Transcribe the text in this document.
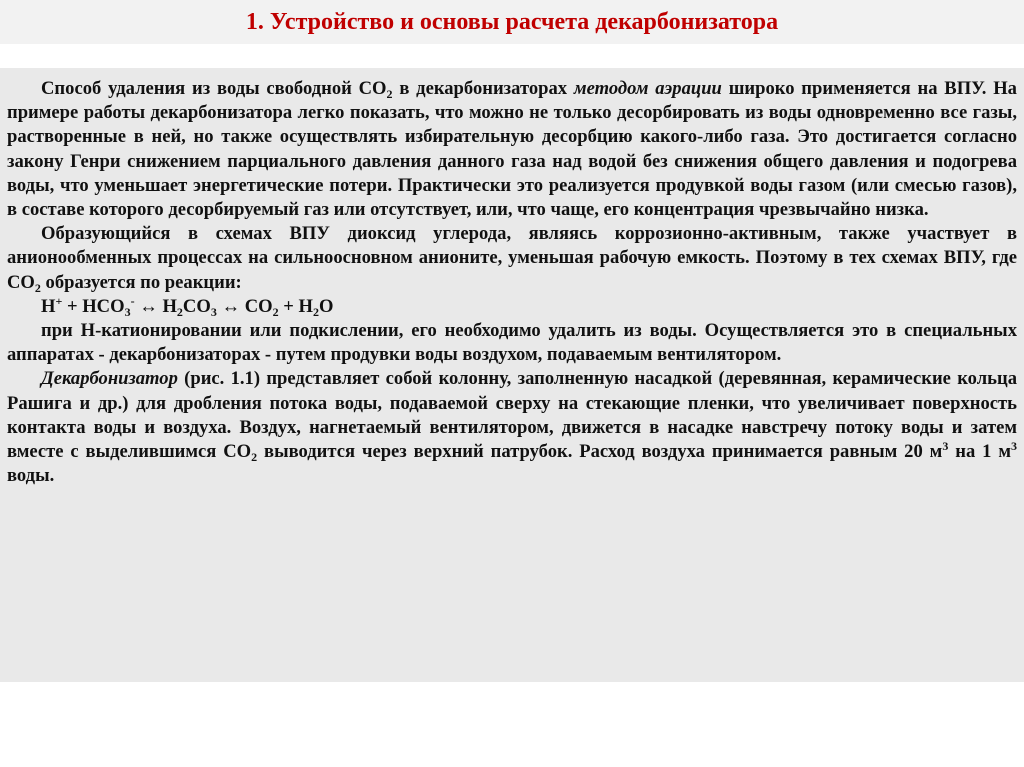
1. Устройство и основы расчета декарбонизатора

Способ удаления из воды свободной $СО_2$ в декарбонизаторах методом аэрации широко применяется на ВПУ. На примере работы декарбонизатора легко показать, что можно не только десорбировать из воды одновременно все газы, растворенные в ней, но также осуществлять избирательную десорбцию какого-либо газа. Это достигается согласно закону Генри снижением парциального давления данного газа над водой без снижения общего давления и подогрева воды, что уменьшает энергетические потери. Практически это реализуется продувкой воды газом (или смесью газов), в составе которого десорбируемый газ или отсутствует, или, что чаще, его концентрация чрезвычайно низка.

Образующийся в схемах ВПУ диоксид углерода, являясь коррозионно-активным, также участвует в анионообменных процессах на сильноосновном анионите, уменьшая рабочую емкость. Поэтому в тех схемах ВПУ, где $СО_2$ образуется по реакции:

$Н^+ + НСО_3^-$ ↔ $Н_2СО_3$ ↔ $СО_2 + Н_2О$

при Н-катионировании или подкислении, его необходимо удалить из воды. Осуществляется это в специальных аппаратах - декарбонизаторах - путем продувки воды воздухом, подаваемым вентилятором.

Декарбонизатор (рис. 1.1) представляет собой колонну, заполненную насадкой (деревянная, керамические кольца Рашига и др.) для дробления потока воды, подаваемой сверху на стекающие пленки, что увеличивает поверхность контакта воды и воздуха. Воздух, нагнетаемый вентилятором, движется в насадке навстречу потоку воды и затем вместе с выделившимся $СО_2$ выводится через верхний патрубок. Расход воздуха принимается равным 20 $м^3$ на 1 $м^3$ воды.
